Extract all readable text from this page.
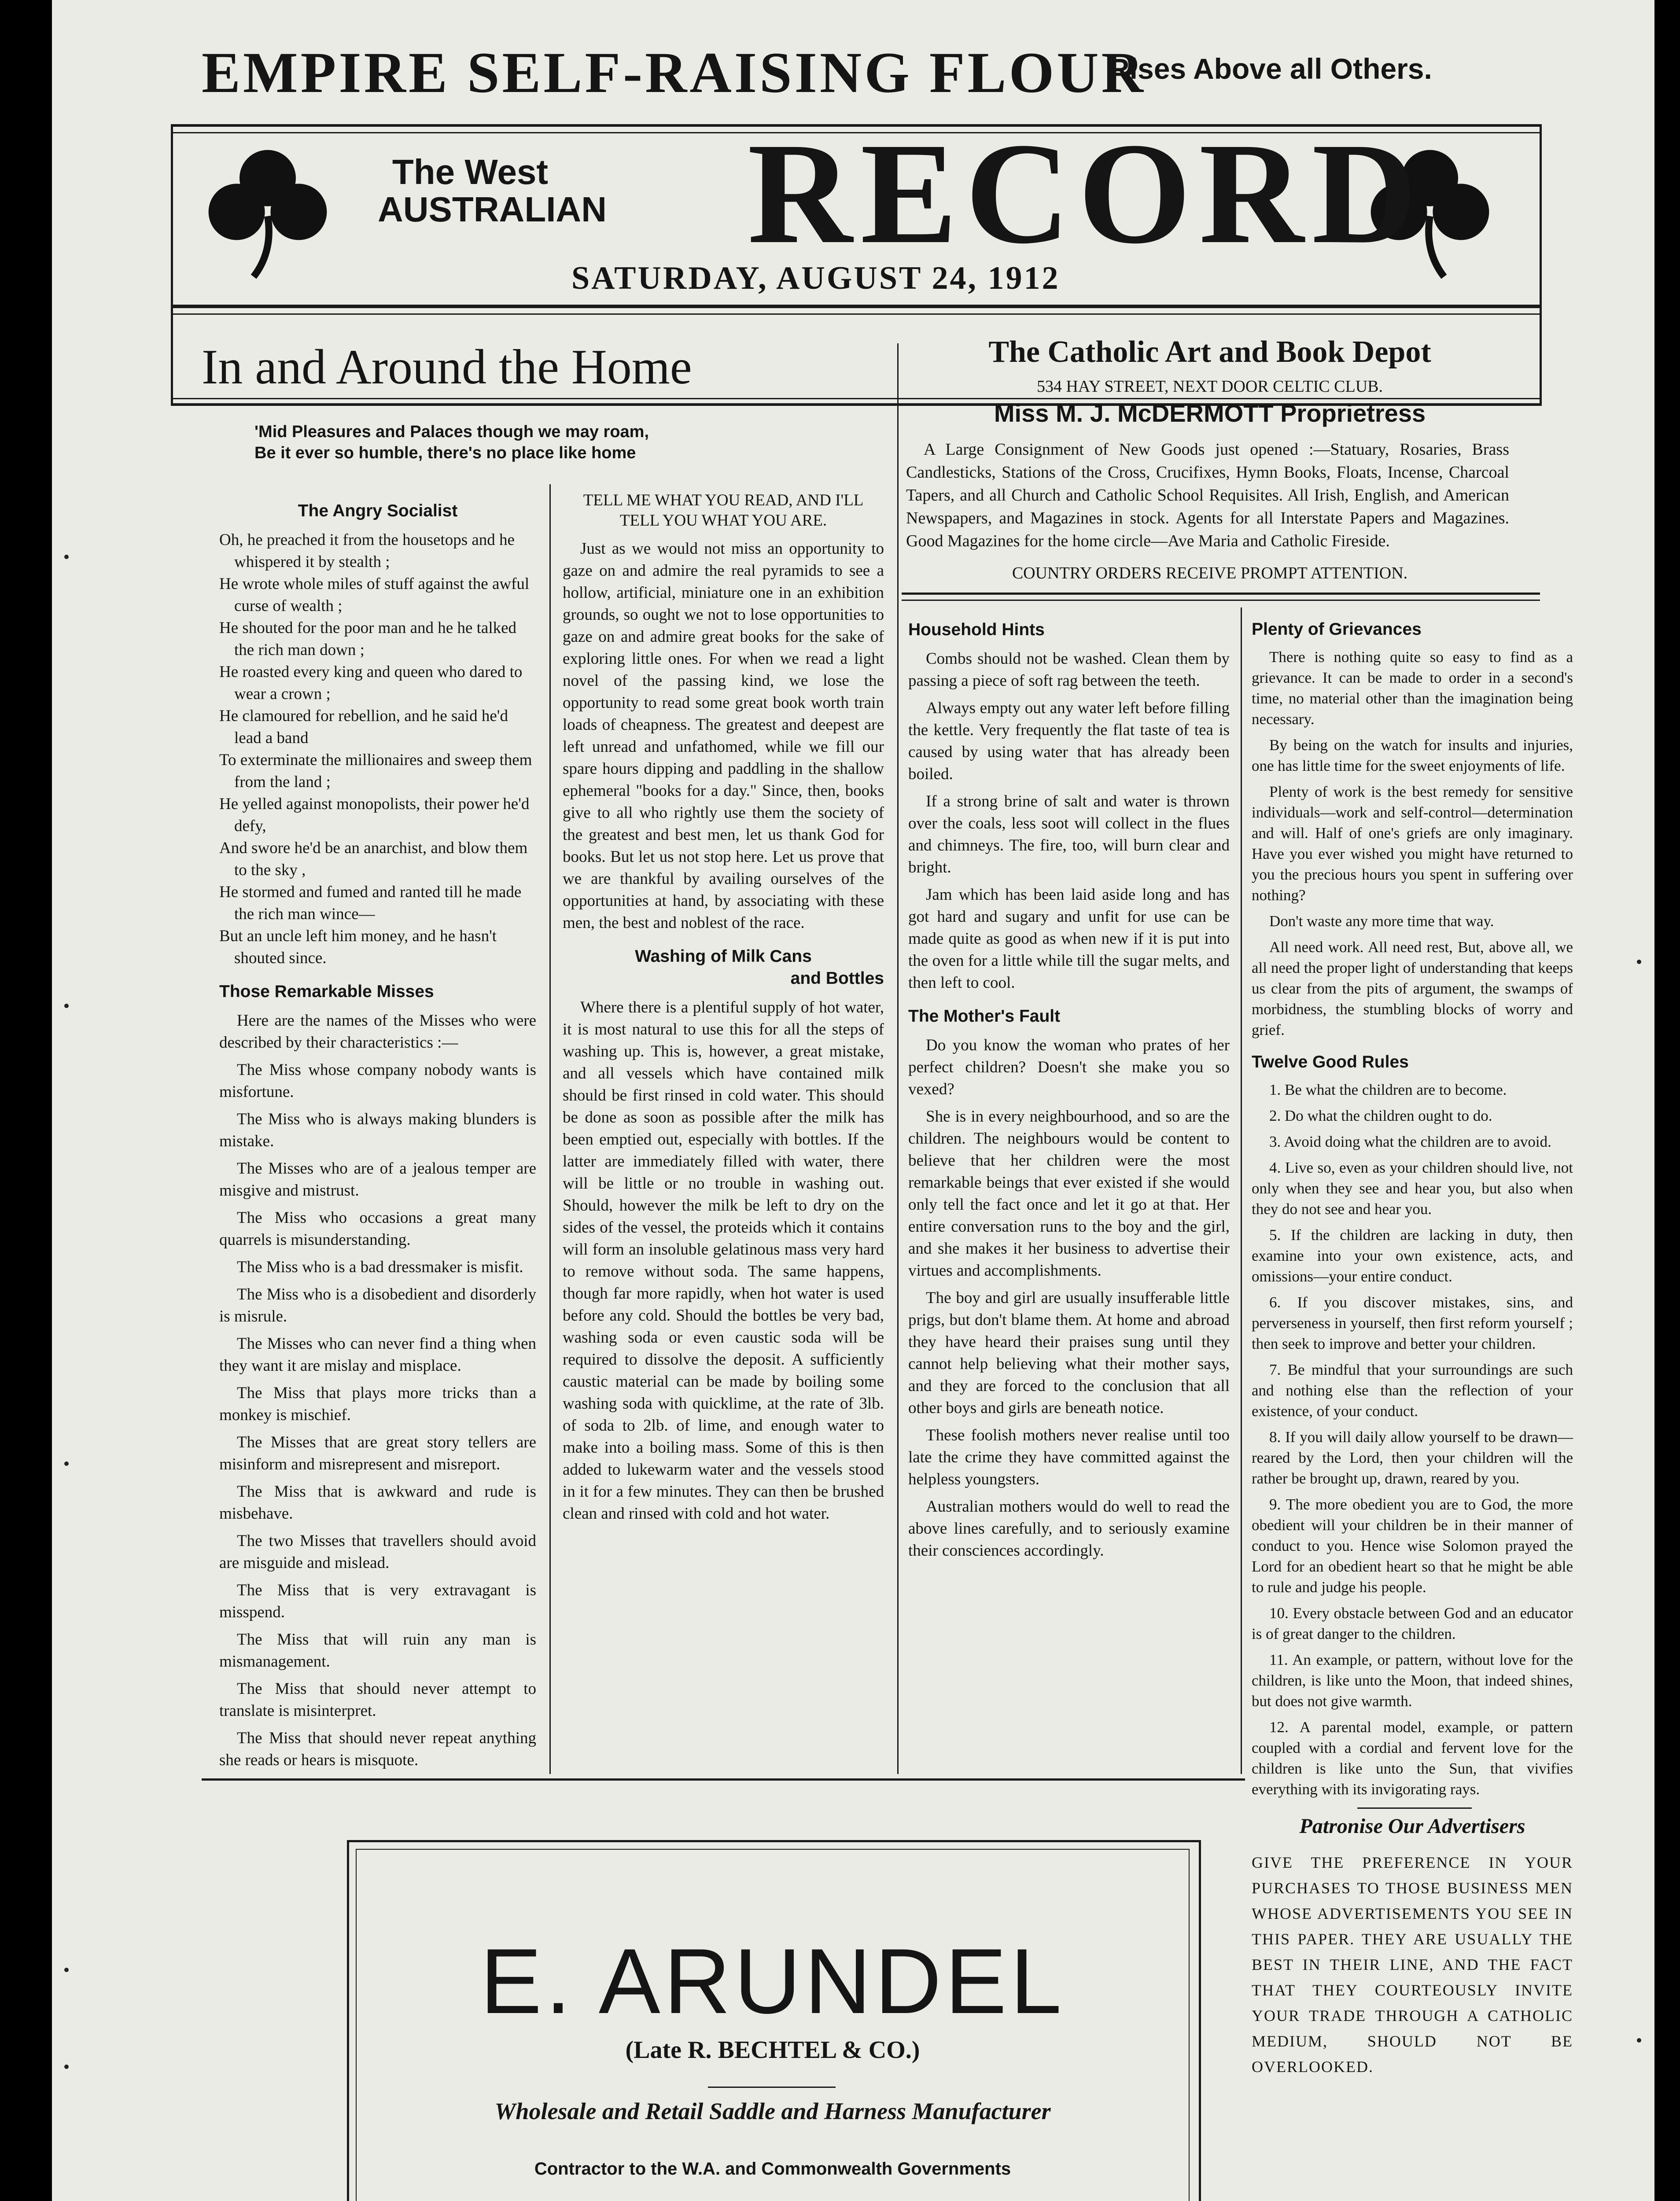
EMPIRE SELF-RAISING FLOUR
Rises Above all Others.
The West
AUSTRALIAN RECORD
SATURDAY, AUGUST 24, 1912
In and Around the Home
'Mid Pleasures and Palaces though we may roam,
Be it ever so humble, there's no place like home
The Catholic Art and Book Depot
534 HAY STREET, NEXT DOOR CELTIC CLUB.
Miss M. J. McDERMOTT Proprietress
A Large Consignment of New Goods just opened :—Statuary, Rosaries, Brass Candlesticks, Stations of the Cross, Crucifixes, Hymn Books, Floats, Incense, Charcoal Tapers, and all Church and Catholic School Requisites. All Irish, English, and American Newspapers, and Magazines in stock. Agents for all Interstate Papers and Magazines. Good Magazines for the home circle—Ave Maria and Catholic Fireside.
COUNTRY ORDERS RECEIVE PROMPT ATTENTION.
The Angry Socialist
Oh, he preached it from the housetops and he whispered it by stealth ;
He wrote whole miles of stuff against the awful curse of wealth ;
He shouted for the poor man and he he talked the rich man down ;
He roasted every king and queen who dared to wear a crown ;
He clamoured for rebellion, and he said he'd lead a band
To exterminate the millionaires and sweep them from the land ;
He yelled against monopolists, their power he'd defy,
And swore he'd be an anarchist, and blow them to the sky ,
He stormed and fumed and ranted till he made the rich man wince—
But an uncle left him money, and he hasn't shouted since.
Those Remarkable Misses

Here are the names of the Misses who were described by their characteristics :—

The Miss whose company nobody wants is misfortune.

The Miss who is always making blunders is mistake.

The Misses who are of a jealous temper are misgive and mistrust.

The Miss who occasions a great many quarrels is misunderstanding.

The Miss who is a bad dressmaker is misfit.

The Miss who is a disobedient and disorderly is misrule.

The Misses who can never find a thing when they want it are mislay and misplace.

The Miss that plays more tricks than a monkey is mischief.

The Misses that are great story tellers are misinform and misrepresent and misreport.

The Miss that is awkward and rude is misbehave.

The two Misses that travellers should avoid are misguide and mislead.

The Miss that is very extravagant is misspend.

The Miss that will ruin any man is mismanagement.

The Miss that should never attempt to translate is misinterpret.

The Miss that should never repeat anything she reads or hears is misquote.

TELL ME WHAT YOU READ, AND I'LL TELL YOU WHAT YOU ARE.

Just as we would not miss an opportunity to gaze on and admire the real pyramids to see a hollow, artificial, miniature one in an exhibition grounds, so ought we not to lose opportunities to gaze on and admire great books for the sake of exploring little ones. For when we read a light novel of the passing kind, we lose the opportunity to read some great book worth train loads of cheapness. The greatest and deepest are left unread and unfathomed, while we fill our spare hours dipping and paddling in the shallow ephemeral "books for a day." Since, then, books give to all who rightly use them the society of the greatest and best men, let us thank God for books. But let us not stop here. Let us prove that we are thankful by availing ourselves of the opportunities at hand, by associating with these men, the best and noblest of the race.

Washing of Milk Cans
and Bottles

Where there is a plentiful supply of hot water, it is most natural to use this for all the steps of washing up. This is, however, a great mistake, and all vessels which have contained milk should be first rinsed in cold water. This should be done as soon as possible after the milk has been emptied out, especially with bottles. If the latter are immediately filled with water, there will be little or no trouble in washing out. Should, however the milk be left to dry on the sides of the vessel, the proteids which it contains will form an insoluble gelatinous mass very hard to remove without soda. The same happens, though far more rapidly, when hot water is used before any cold. Should the bottles be very bad, washing soda or even caustic soda will be required to dissolve the deposit. A sufficiently caustic material can be made by boiling some washing soda with quicklime, at the rate of 3lb. of soda to 2lb. of lime, and enough water to make into a boiling mass. Some of this is then added to lukewarm water and the vessels stood in it for a few minutes. They can then be brushed clean and rinsed with cold and hot water.

Household Hints

Combs should not be washed. Clean them by passing a piece of soft rag between the teeth.

Always empty out any water left before filling the kettle. Very frequently the flat taste of tea is caused by using water that has already been boiled.

If a strong brine of salt and water is thrown over the coals, less soot will collect in the flues and chimneys. The fire, too, will burn clear and bright.

Jam which has been laid aside long and has got hard and sugary and unfit for use can be made quite as good as when new if it is put into the oven for a little while till the sugar melts, and then left to cool.

The Mother's Fault

Do you know the woman who prates of her perfect children? Doesn't she make you so vexed?

She is in every neighbourhood, and so are the children. The neighbours would be content to believe that her children were the most remarkable beings that ever existed if she would only tell the fact once and let it go at that. Her entire conversation runs to the boy and the girl, and she makes it her business to advertise their virtues and accomplishments.

The boy and girl are usually insufferable little prigs, but don't blame them. At home and abroad they have heard their praises sung until they cannot help believing what their mother says, and they are forced to the conclusion that all other boys and girls are beneath notice.

These foolish mothers never realise until too late the crime they have committed against the helpless youngsters.

Australian mothers would do well to read the above lines carefully, and to seriously examine their consciences accordingly.

Plenty of Grievances

There is nothing quite so easy to find as a grievance. It can be made to order in a second's time, no material other than the imagination being necessary.

By being on the watch for insults and injuries, one has little time for the sweet enjoyments of life.

Plenty of work is the best remedy for sensitive individuals—work and self-control—determination and will. Half of one's griefs are only imaginary. Have you ever wished you might have returned to you the precious hours you spent in suffering over nothing?

Don't waste any more time that way.

All need work. All need rest, But, above all, we all need the proper light of understanding that keeps us clear from the pits of argument, the swamps of morbidness, the stumbling blocks of worry and grief.

Twelve Good Rules

1. Be what the children are to become.

2. Do what the children ought to do.

3. Avoid doing what the children are to avoid.

4. Live so, even as your children should live, not only when they see and hear you, but also when they do not see and hear you.

5. If the children are lacking in duty, then examine into your own existence, acts, and omissions—your entire conduct.

6. If you discover mistakes, sins, and perverseness in yourself, then first reform yourself ; then seek to improve and better your children.

7. Be mindful that your surroundings are such and nothing else than the reflection of your existence, of your conduct.

8. If you will daily allow yourself to be drawn—reared by the Lord, then your children will the rather be brought up, drawn, reared by you.

9. The more obedient you are to God, the more obedient will your children be in their manner of conduct to you. Hence wise Solomon prayed the Lord for an obedient heart so that he might be able to rule and judge his people.

10. Every obstacle between God and an educator is of great danger to the children.

11. An example, or pattern, without love for the children, is like unto the Moon, that indeed shines, but does not give warmth.

12. A parental model, example, or pattern coupled with a cordial and fervent love for the children is like unto the Sun, that vivifies everything with its invigorating rays.

Patronise Our Advertisers
GIVE THE PREFERENCE IN YOUR PURCHASES TO THOSE BUSINESS MEN WHOSE ADVERTISEMENTS YOU SEE IN THIS PAPER. THEY ARE USUALLY THE BEST IN THEIR LINE, AND THE FACT THAT THEY COURTEOUSLY INVITE YOUR TRADE THROUGH A CATHOLIC MEDIUM, SHOULD NOT BE OVERLOOKED.
E. ARUNDEL
(Late R. BECHTEL & CO.)
Wholesale and Retail Saddle and Harness Manufacturer
Contractor to the W.A. and Commonwealth Governments
